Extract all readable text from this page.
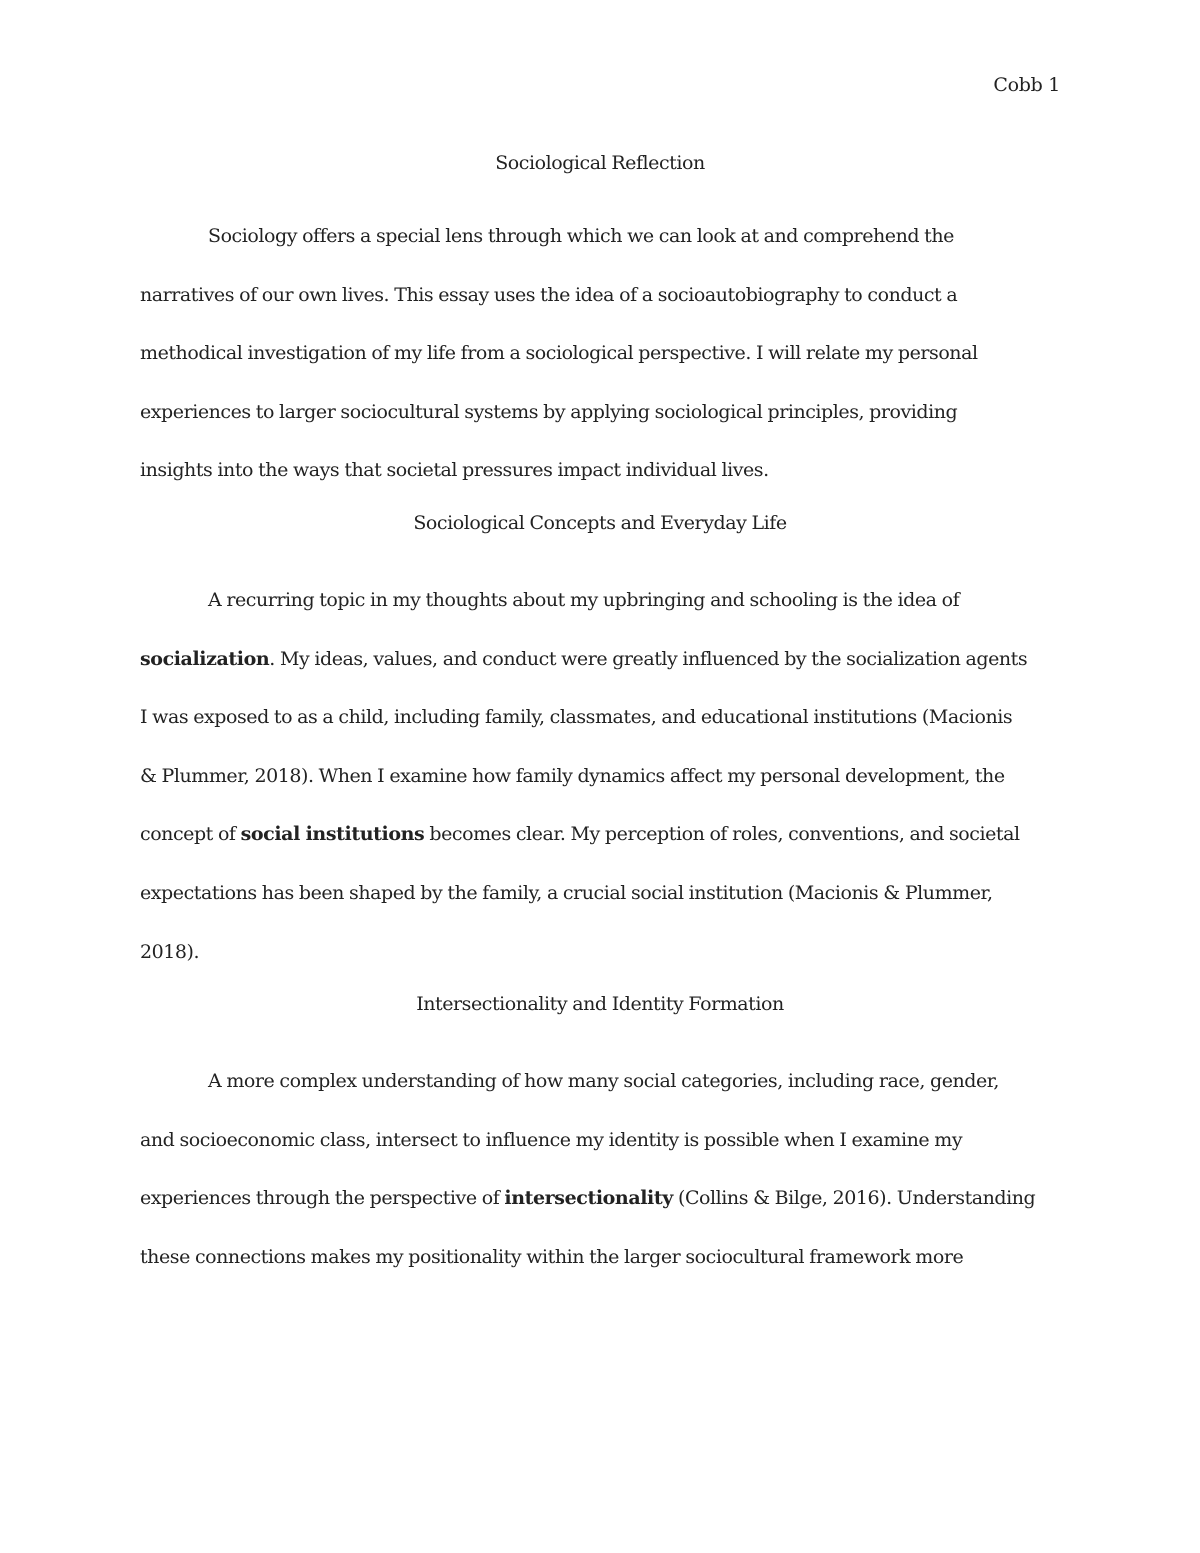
Cobb 1
Sociological Reflection
Sociology offers a special lens through which we can look at and comprehend the
narratives of our own lives. This essay uses the idea of a socioautobiography to conduct a
methodical investigation of my life from a sociological perspective. I will relate my personal
experiences to larger sociocultural systems by applying sociological principles, providing
insights into the ways that societal pressures impact individual lives.
Sociological Concepts and Everyday Life
A recurring topic in my thoughts about my upbringing and schooling is the idea of
socialization. My ideas, values, and conduct were greatly influenced by the socialization agents
I was exposed to as a child, including family, classmates, and educational institutions (Macionis
& Plummer, 2018). When I examine how family dynamics affect my personal development, the
concept of social institutions becomes clear. My perception of roles, conventions, and societal
expectations has been shaped by the family, a crucial social institution (Macionis & Plummer,
2018).
Intersectionality and Identity Formation
A more complex understanding of how many social categories, including race, gender,
and socioeconomic class, intersect to influence my identity is possible when I examine my
experiences through the perspective of intersectionality (Collins & Bilge, 2016). Understanding
these connections makes my positionality within the larger sociocultural framework more
